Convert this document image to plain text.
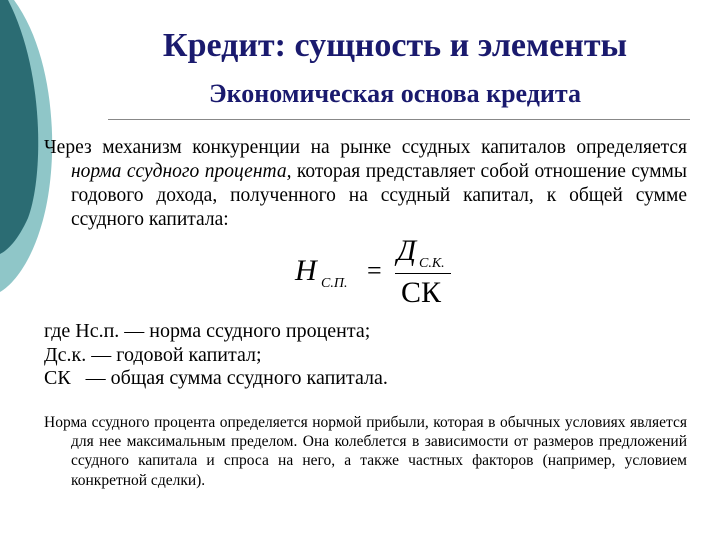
Кредит: сущность и элементы
Экономическая основа кредита
Через механизм конкуренции на рынке ссудных капиталов определяется норма ссудного процента, которая представляет собой отношение суммы годового дохода, полученного на ссудный капитал, к общей сумме ссудного капитала:
Н С.П. =
Д С.К.
СК
где Нс.п. — норма ссудного процента;
Дс.к. — годовой капитал;
СК   — общая сумма ссудного капитала.
Норма ссудного процента определяется нормой прибыли, которая в обычных условиях является для нее максимальным пределом. Она колеблется в зависимости от размеров предложений ссудного капитала и спроса на него, а также частных факторов (например, условием конкретной сделки).
